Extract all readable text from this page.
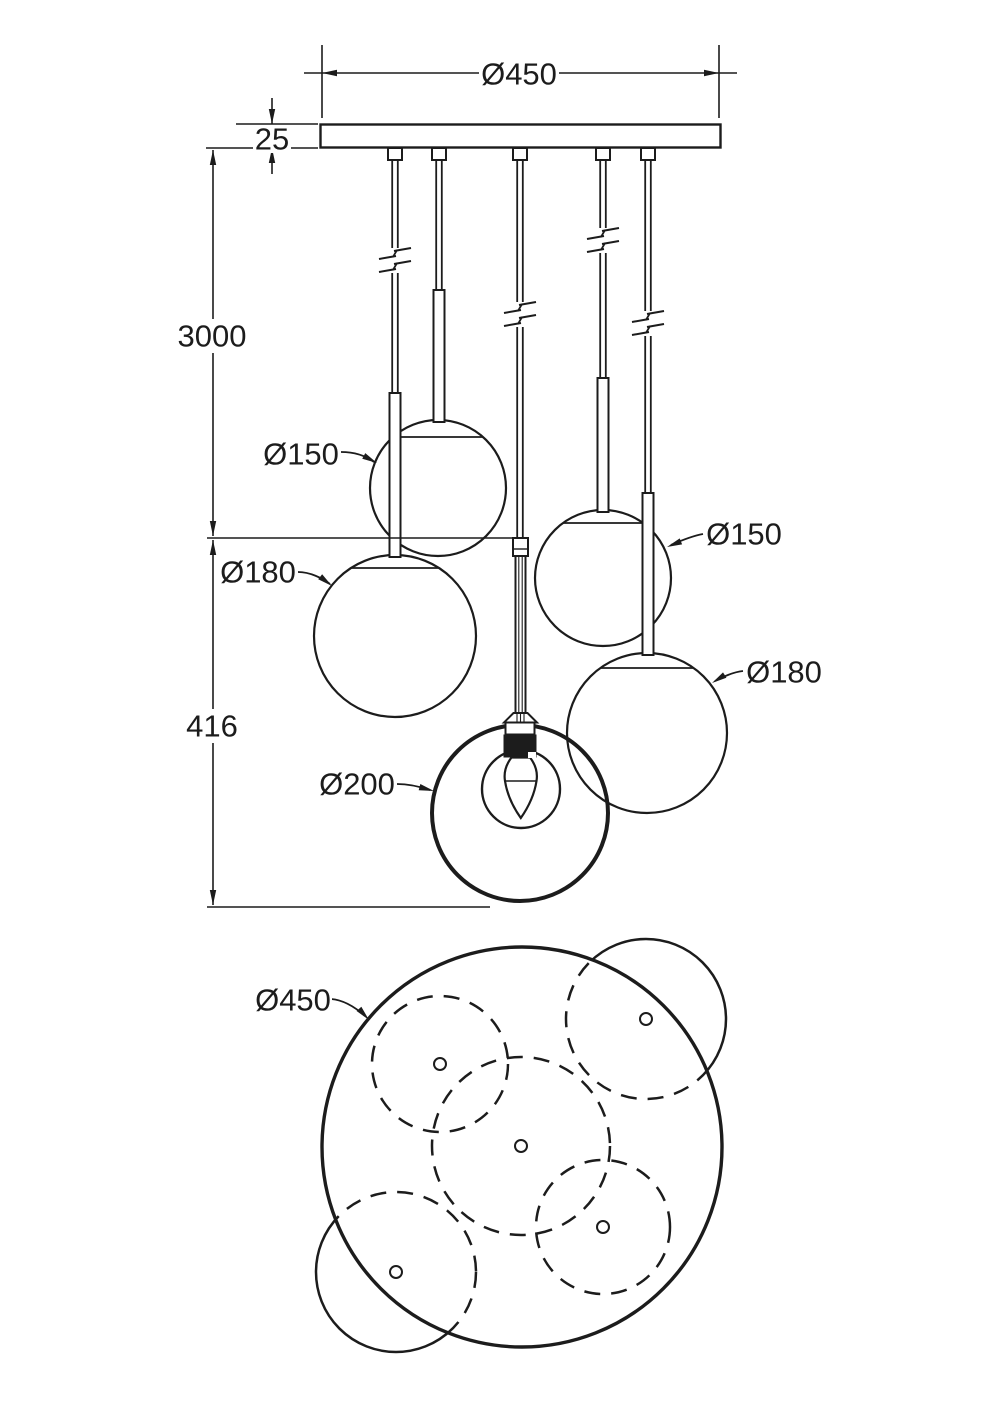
Ø450
25
3000
416
Ø150
Ø180
Ø150
Ø180
Ø200
Ø450
